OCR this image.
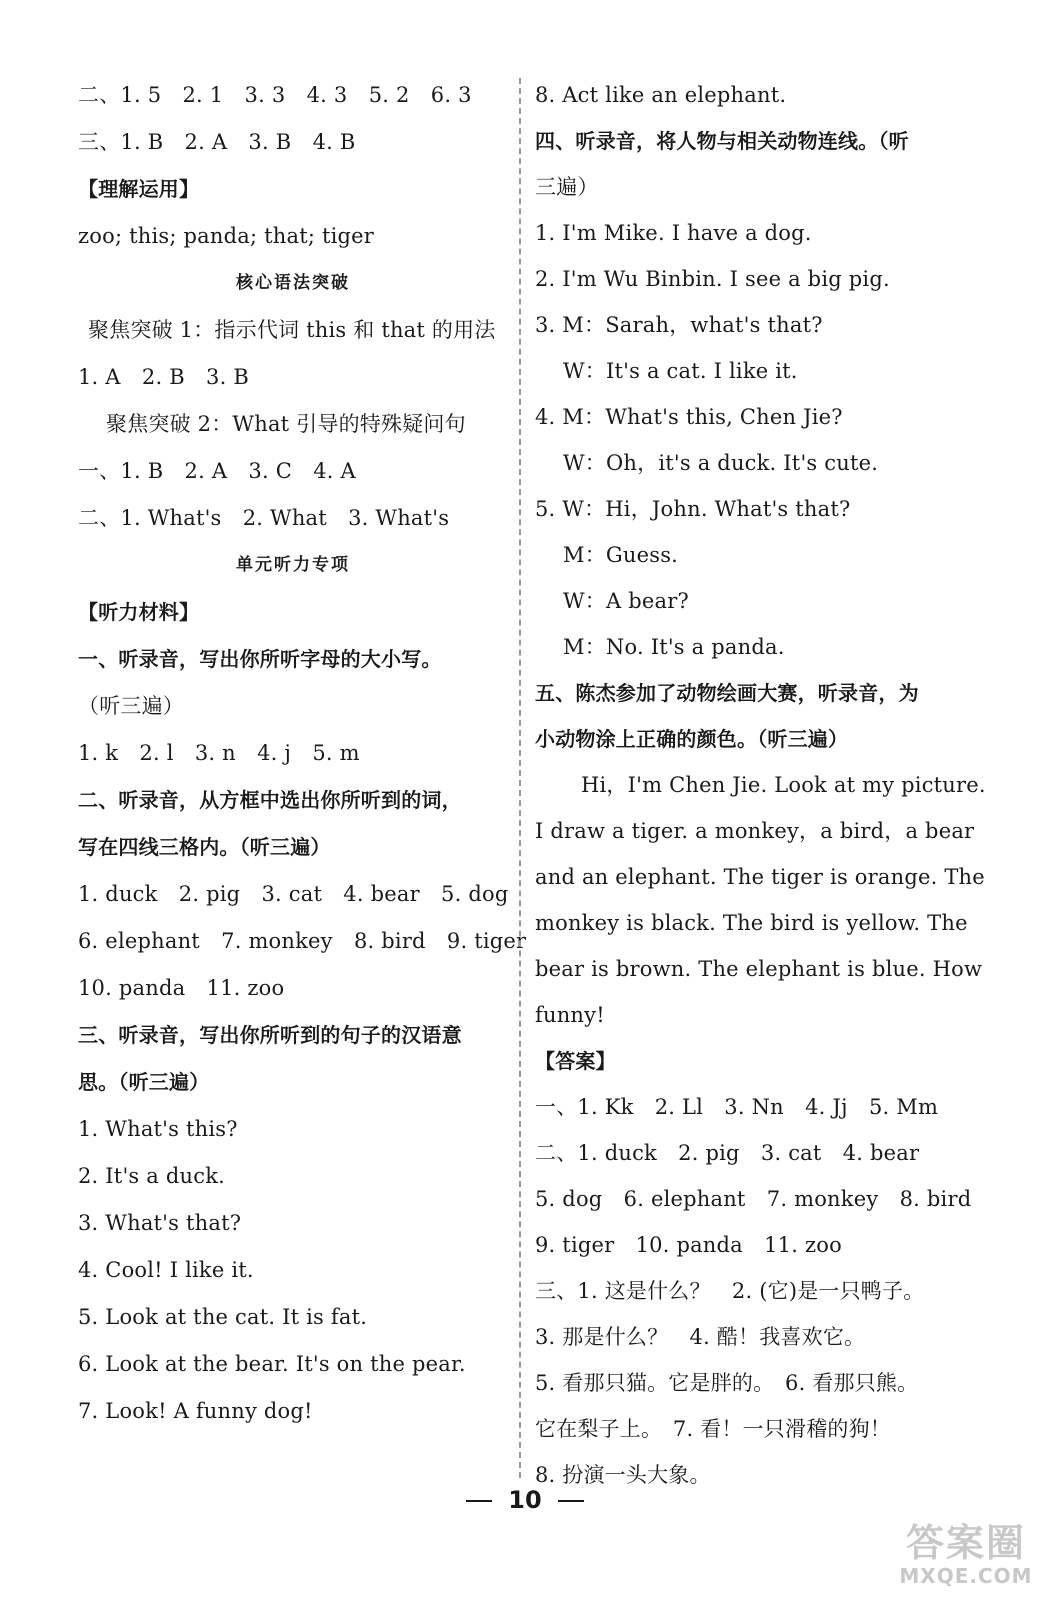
二、1. 5　2. 1　3. 3　4. 3　5. 2　6. 3
三、1. B　2. A　3. B　4. B
【理解运用】
zoo; this; panda; that; tiger
核心语法突破
聚焦突破 1：指示代词 this 和 that 的用法
1. A　2. B　3. B
聚焦突破 2：What 引导的特殊疑问句
一、1. B　2. A　3. C　4. A
二、1. What's　2. What　3. What's
单元听力专项
【听力材料】
一、听录音，写出你所听字母的大小写。
（听三遍）
1. k　2. l　3. n　4. j　5. m
二、听录音，从方框中选出你所听到的词，
写在四线三格内。（听三遍）
1. duck　2. pig　3. cat　4. bear　5. dog
6. elephant　7. monkey　8. bird　9. tiger
10. panda　11. zoo
三、听录音，写出你所听到的句子的汉语意
思。（听三遍）
1. What's this?
2. It's a duck.
3. What's that?
4. Cool! I like it.
5. Look at the cat. It is fat.
6. Look at the bear. It's on the pear.
7. Look! A funny dog!
8. Act like an elephant.
四、听录音，将人物与相关动物连线。（听
三遍）
1. I'm Mike. I have a dog.
2. I'm Wu Binbin. I see a big pig.
3. M：Sarah，what's that?
W：It's a cat. I like it.
4. M：What's this, Chen Jie?
W：Oh，it's a duck. It's cute.
5. W：Hi，John. What's that?
M：Guess.
W：A bear?
M：No. It's a panda.
五、陈杰参加了动物绘画大赛，听录音，为
小动物涂上正确的颜色。（听三遍）
Hi，I'm Chen Jie. Look at my picture.
I draw a tiger. a monkey，a bird，a bear
and an elephant. The tiger is orange. The
monkey is black. The bird is yellow. The
bear is brown. The elephant is blue. How
funny!
【答案】
一、1. Kk　2. Ll　3. Nn　4. Jj　5. Mm
二、1. duck　2. pig　3. cat　4. bear
5. dog　6. elephant　7. monkey　8. bird
9. tiger　10. panda　11. zoo
三、1. 这是什么？　2. (它)是一只鸭子。
3. 那是什么？　4. 酷！我喜欢它。
5. 看那只猫。它是胖的。　6. 看那只熊。
它在梨子上。　7. 看！一只滑稽的狗！
8. 扮演一头大象。
10
答案圈
MXQE.COM
